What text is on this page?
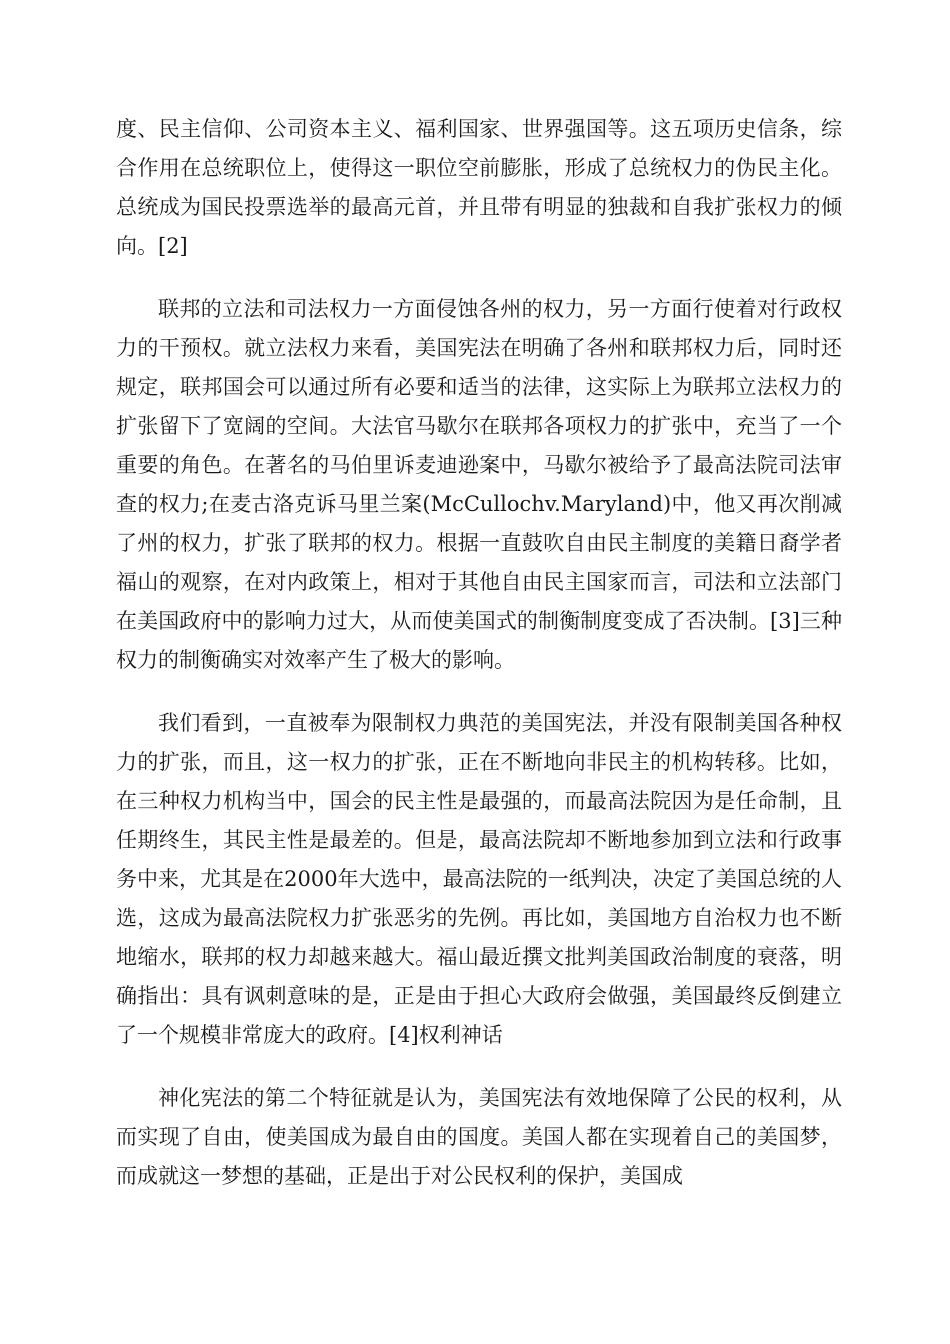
度、民主信仰、公司资本主义、福利国家、世界强国等。这五项历史信条，综合作用在总统职位上，使得这一职位空前膨胀，形成了总统权力的伪民主化。总统成为国民投票选举的最高元首，并且带有明显的独裁和自我扩张权力的倾向。[2]

联邦的立法和司法权力一方面侵蚀各州的权力，另一方面行使着对行政权力的干预权。就立法权力来看，美国宪法在明确了各州和联邦权力后，同时还规定，联邦国会可以通过所有必要和适当的法律，这实际上为联邦立法权力的扩张留下了宽阔的空间。大法官马歇尔在联邦各项权力的扩张中，充当了一个重要的角色。在著名的马伯里诉麦迪逊案中，马歇尔被给予了最高法院司法审查的权力;在麦古洛克诉马里兰案(McCullochv.Maryland)中，他又再次削减了州的权力，扩张了联邦的权力。根据一直鼓吹自由民主制度的美籍日裔学者福山的观察，在对内政策上，相对于其他自由民主国家而言，司法和立法部门在美国政府中的影响力过大，从而使美国式的制衡制度变成了否决制。[3]三种权力的制衡确实对效率产生了极大的影响。

我们看到，一直被奉为限制权力典范的美国宪法，并没有限制美国各种权力的扩张，而且，这一权力的扩张，正在不断地向非民主的机构转移。比如，在三种权力机构当中，国会的民主性是最强的，而最高法院因为是任命制，且任期终生，其民主性是最差的。但是，最高法院却不断地参加到立法和行政事务中来，尤其是在2000年大选中，最高法院的一纸判决，决定了美国总统的人选，这成为最高法院权力扩张恶劣的先例。再比如，美国地方自治权力也不断地缩水，联邦的权力却越来越大。福山最近撰文批判美国政治制度的衰落，明确指出：具有讽刺意味的是，正是由于担心大政府会做强，美国最终反倒建立了一个规模非常庞大的政府。[4]权利神话

神化宪法的第二个特征就是认为，美国宪法有效地保障了公民的权利，从而实现了自由，使美国成为最自由的国度。美国人都在实现着自己的美国梦，而成就这一梦想的基础，正是出于对公民权利的保护，美国成
